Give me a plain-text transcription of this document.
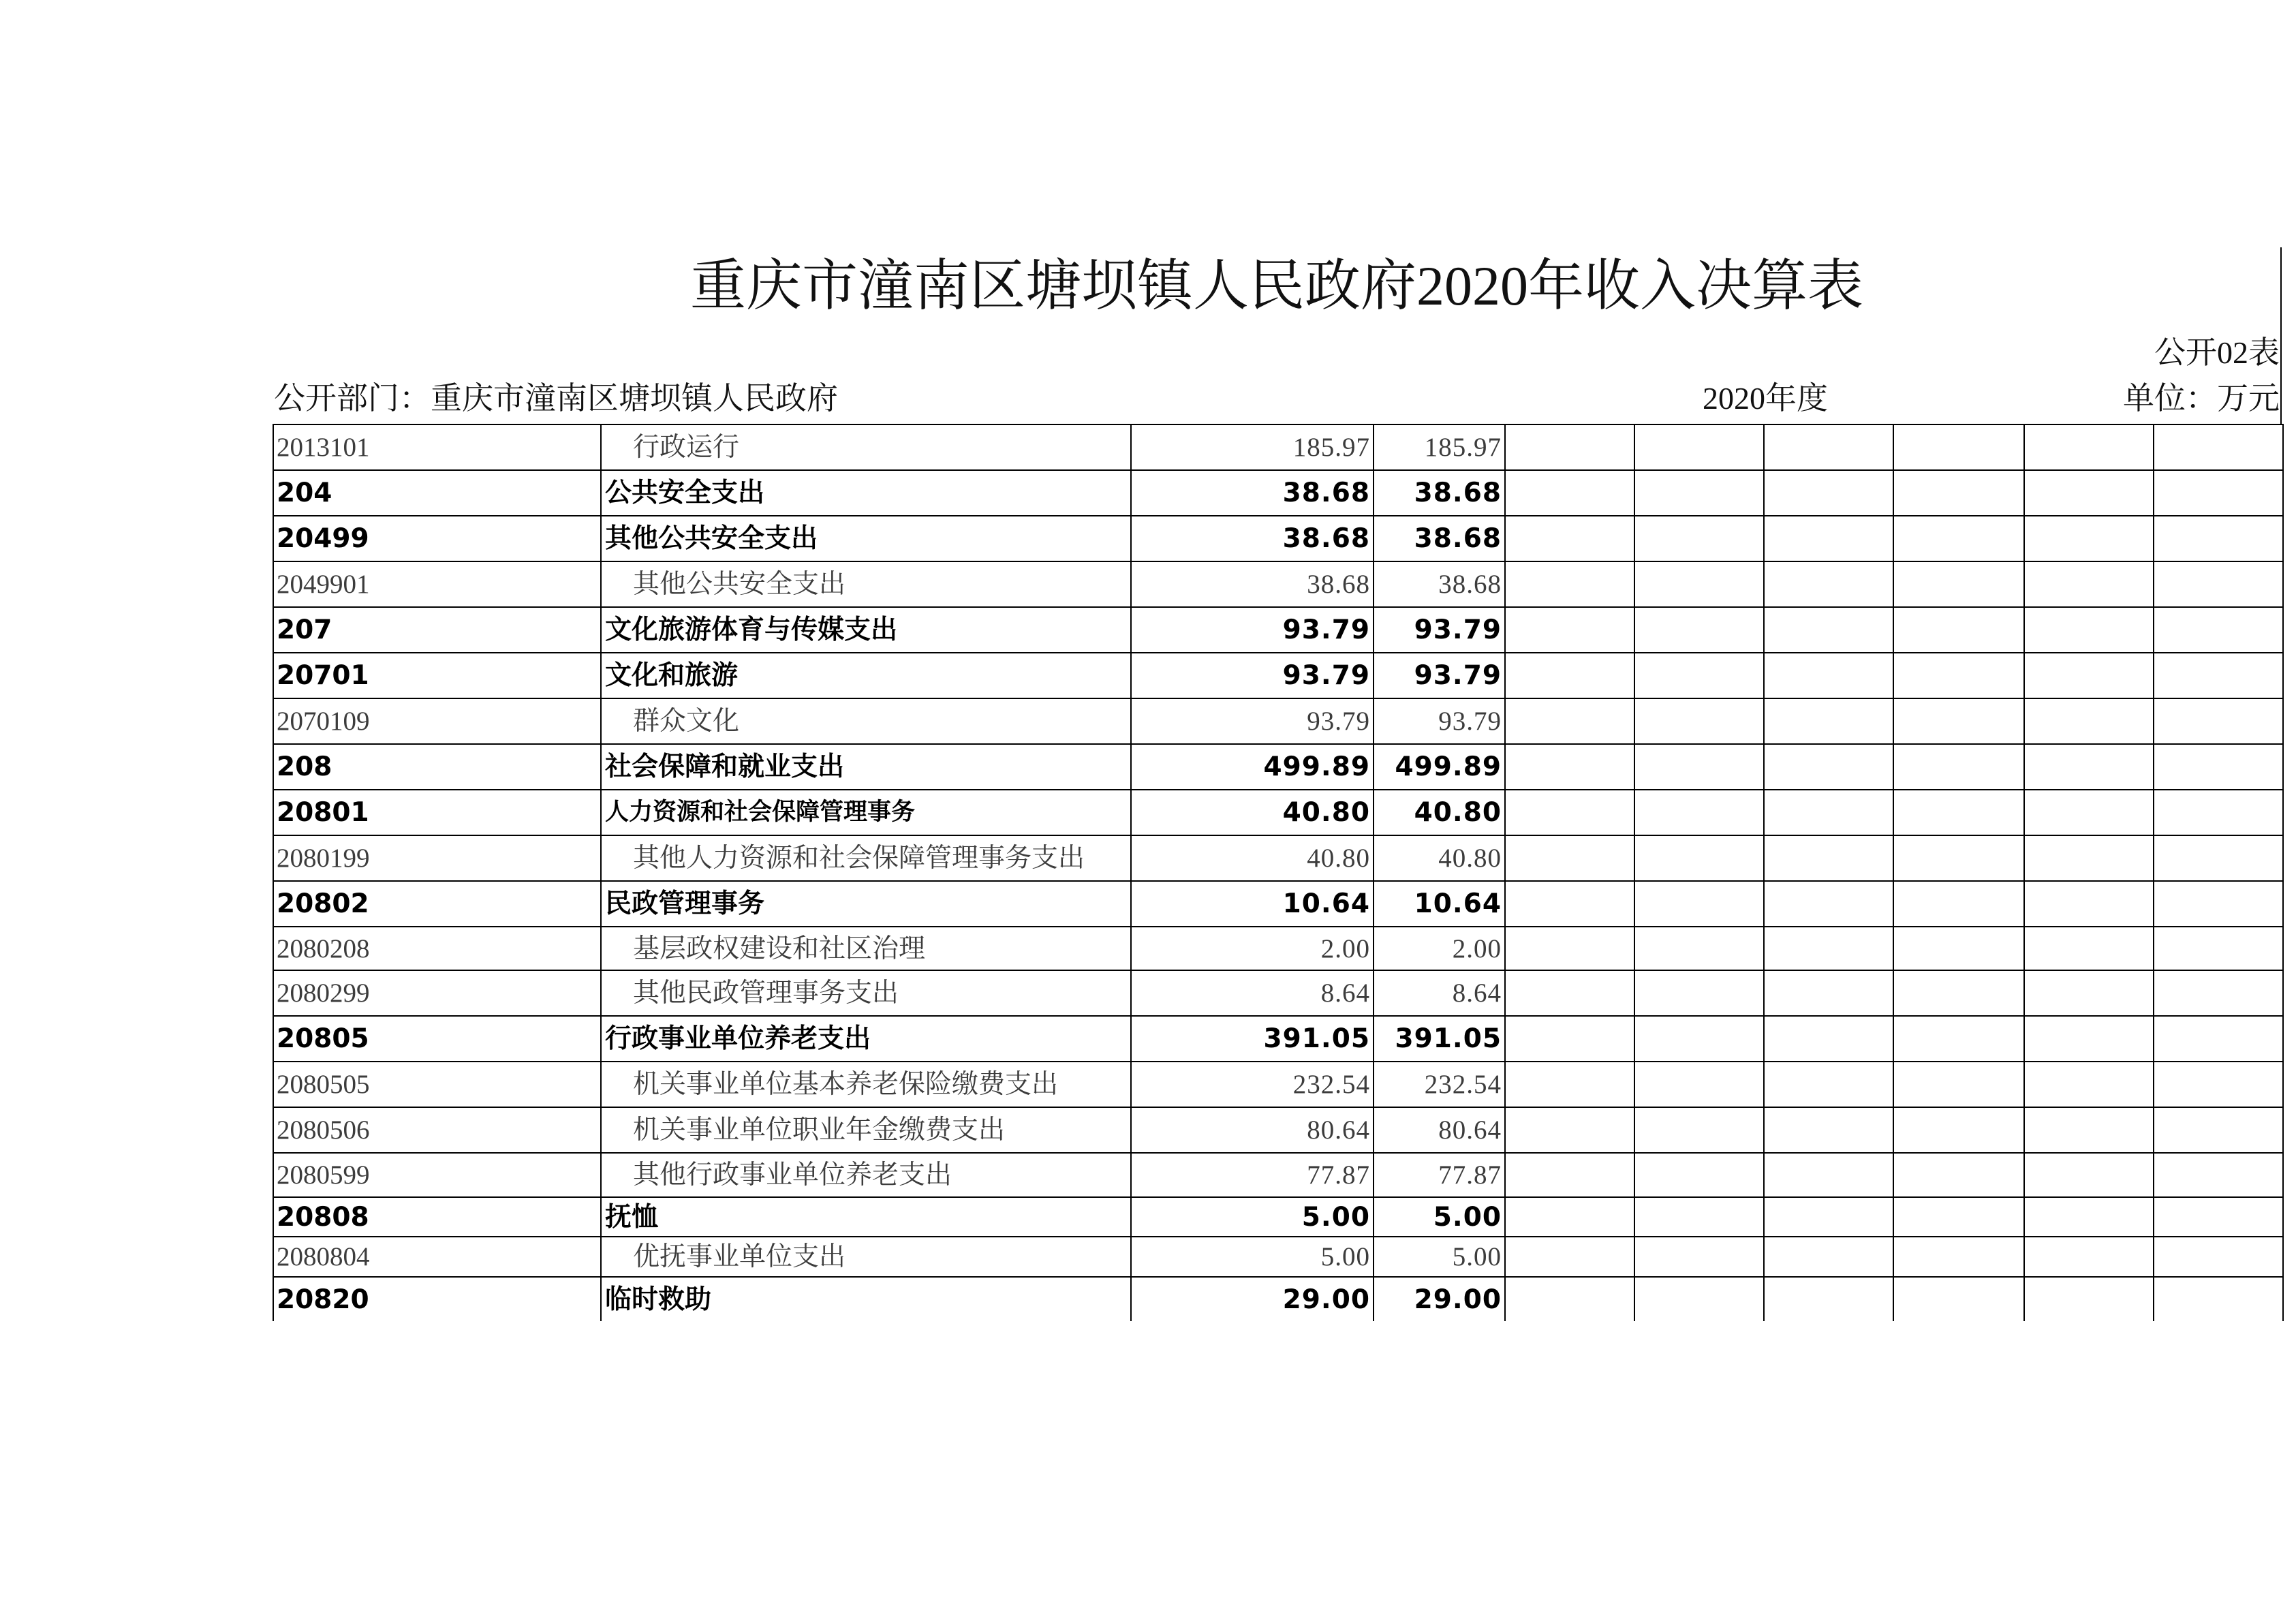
重庆市潼南区塘坝镇人民政府2020年收入决算表
公开02表
公开部门：重庆市潼南区塘坝镇人民政府	2020年度	单位：万元
2013101	行政运行	185.97	185.97						
204	公共安全支出	38.68	38.68						
20499	其他公共安全支出	38.68	38.68						
2049901	其他公共安全支出	38.68	38.68						
207	文化旅游体育与传媒支出	93.79	93.79						
20701	文化和旅游	93.79	93.79						
2070109	群众文化	93.79	93.79						
208	社会保障和就业支出	499.89	499.89						
20801	人力资源和社会保障管理事务	40.80	40.80						
2080199	其他人力资源和社会保障管理事务支出	40.80	40.80						
20802	民政管理事务	10.64	10.64						
2080208	基层政权建设和社区治理	2.00	2.00						
2080299	其他民政管理事务支出	8.64	8.64						
20805	行政事业单位养老支出	391.05	391.05						
2080505	机关事业单位基本养老保险缴费支出	232.54	232.54						
2080506	机关事业单位职业年金缴费支出	80.64	80.64						
2080599	其他行政事业单位养老支出	77.87	77.87						
20808	抚恤	5.00	5.00						
2080804	优抚事业单位支出	5.00	5.00						
20820	临时救助	29.00	29.00						
